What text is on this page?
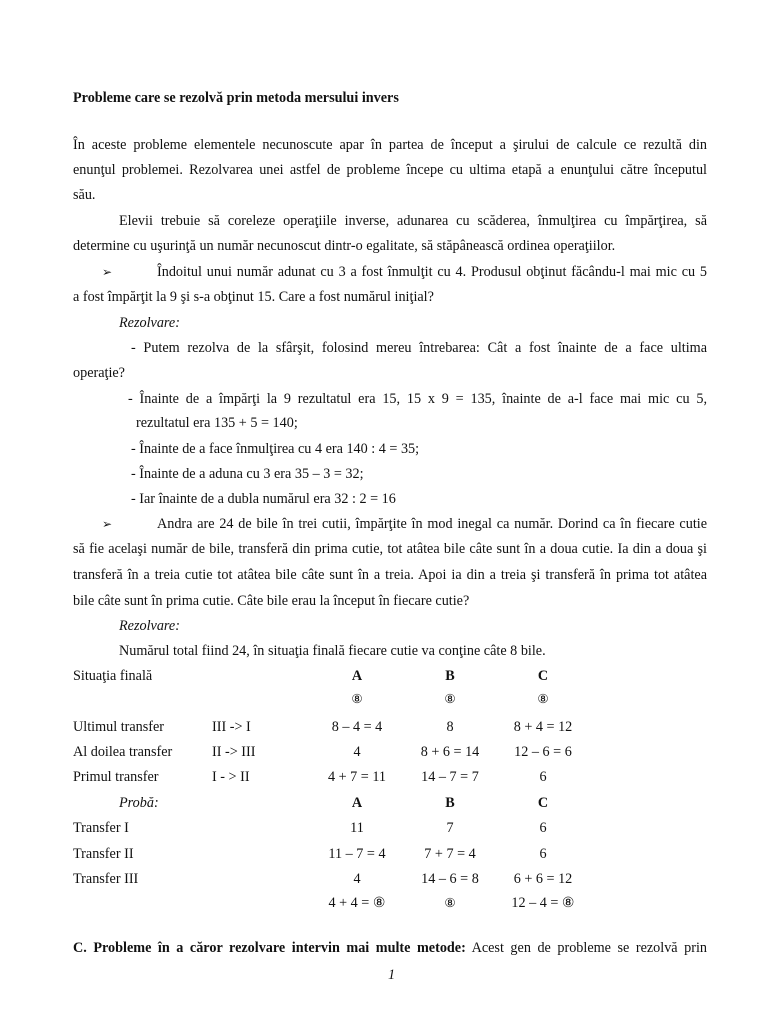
Probleme care se rezolvă prin metoda mersului invers
În aceste probleme elementele necunoscute apar în partea de început a şirului de calcule ce rezultă din
enunţul problemei. Rezolvarea unei astfel de probleme începe cu ultima etapă a enunţului către începutul
său.
Elevii trebuie să coreleze operaţiile inverse, adunarea cu scăderea, înmulţirea cu împărţirea, să
determine cu uşurinţă un număr necunoscut dintr-o egalitate, să stăpânească ordinea operaţiilor.
➢	Îndoitul unui număr adunat cu 3 a fost înmulţit cu 4. Produsul obţinut făcându-l mai mic cu 5
a fost împărţit la 9 şi s-a obţinut 15. Care a fost numărul iniţial?
Rezolvare:
- Putem rezolva de la sfârşit, folosind mereu întrebarea: Cât a fost înainte de a face ultima
operaţie?
- Înainte de a împărţi la 9 rezultatul era 15, 15 x 9 = 135, înainte de a-l face mai mic cu 5,
rezultatul era 135 + 5 = 140;
- Înainte de a face înmulţirea cu 4 era 140 : 4 = 35;
- Înainte de a aduna cu 3 era 35 – 3 = 32;
- Iar înainte de a dubla numărul era 32 : 2 = 16
➢	Andra are 24 de bile în trei cutii, împărţite în mod inegal ca număr. Dorind ca în fiecare cutie
să fie acelaşi număr de bile, transferă din prima cutie, tot atâtea bile câte sunt în a doua cutie. Ia din a doua şi
transferă în a treia cutie tot atâtea bile câte sunt în a treia. Apoi ia din a treia şi transferă în prima tot atâtea
bile câte sunt în prima cutie. Câte bile erau la început în fiecare cutie?
Rezolvare:
Numărul total fiind 24, în situaţia finală fiecare cutie va conţine câte 8 bile.
Situaţia finală	A	B	C
⑧	⑧	⑧
Ultimul transfer	III -> I	8 – 4 = 4	8	8 + 4 = 12
Al doilea transfer	II -> III	4	8 + 6 = 14	12 – 6 = 6
Primul transfer	I - > II	4 + 7 = 11	14 – 7 = 7	6
Probă:	A	B	C
Transfer I	11	7	6
Transfer II	11 – 7 = 4	7 + 7 = 4	6
Transfer III	4	14 – 6 = 8	6 + 6 = 12
4 + 4 = ⑧	⑧	12 – 4 = ⑧
C. Probleme în a căror rezolvare intervin mai multe metode: Acest gen de probleme se rezolvă prin
1
